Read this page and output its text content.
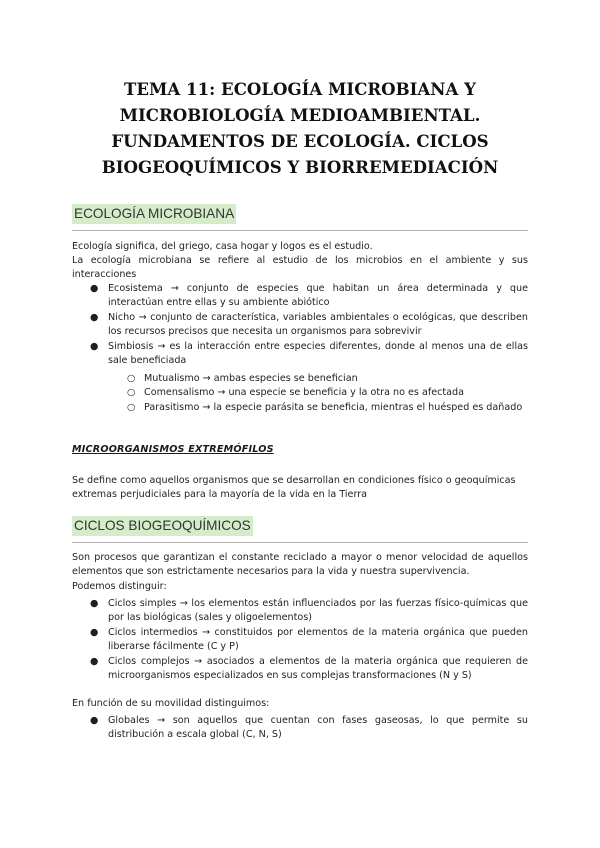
TEMA 11: ECOLOGÍA MICROBIANA Y
MICROBIOLOGÍA MEDIOAMBIENTAL.
FUNDAMENTOS DE ECOLOGÍA. CICLOS
BIOGEOQUÍMICOS Y BIORREMEDIACIÓN
ECOLOGÍA MICROBIANA

Ecología significa, del griego, casa hogar y logos es el estudio.

La ecología microbiana se refiere al estudio de los microbios en el ambiente y sus interacciones

● Ecosistema → conjunto de especies que habitan un área determinada y que interactúan entre ellas y su ambiente abiótico
● Nicho → conjunto de característica, variables ambientales o ecológicas, que describen los recursos precisos que necesita un organismos para sobrevivir
● Simbiosis → es la interacción entre especies diferentes, donde al menos una de ellas sale beneficiada
○ Mutualismo → ambas especies se benefician
○ Comensalismo → una especie se beneficia y la otra no es afectada
○ Parasitismo → la especie parásita se beneficia, mientras el huésped es dañado
MICROORGANISMOS EXTREMÓFILOS

Se define como aquellos organismos que se desarrollan en condiciones físico o geoquímicas extremas perjudiciales para la mayoría de la vida en la Tierra

CICLOS BIOGEOQUÍMICOS

Son procesos que garantizan el constante reciclado a mayor o menor velocidad de aquellos elementos que son estrictamente necesarios para la vida y nuestra supervivencia.

Podemos distinguir:

● Ciclos simples → los elementos están influenciados por las fuerzas físico-químicas que por las biológicas (sales y oligoelementos)
● Ciclos intermedios → constituidos por elementos de la materia orgánica que pueden liberarse fácilmente (C y P)
● Ciclos complejos → asociados a elementos de la materia orgánica que requieren de microorganismos especializados en sus complejas transformaciones (N y S)

En función de su movilidad distinguimos:

● Globales → son aquellos que cuentan con fases gaseosas, lo que permite su distribución a escala global (C, N, S)
